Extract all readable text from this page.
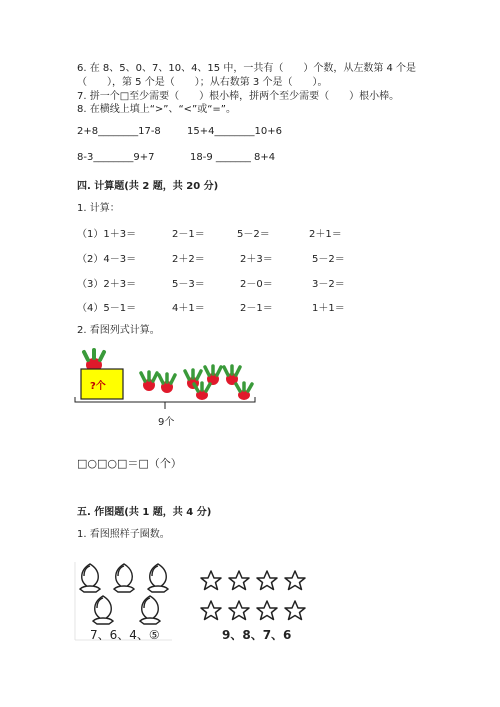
6. 在 8、5、0、7、10、4、15 中，一共有（　　）个数，从左数第 4 个是
（　　），第 5 个是（　　）；从右数第 3 个是（　　）。
7. 拼一个□至少需要（　　）根小棒，拼两个至少需要（　　）根小棒。
8. 在横线上填上“>”、“<”或“=”。
2+8________17-8	15+4________10+6
8-3________9+7	18-9 _______ 8+4
四. 计算题(共 2 题，共 20 分)
1. 计算：
（1）1＋3＝	2－1＝	5－2＝	2＋1＝
（2）4－3＝	2＋2＝	2＋3＝	5－2＝
（3）2＋3＝	5－3＝	2－0＝	3－2＝
（4）5－1＝	4＋1＝	2－1＝	1＋1＝
2. 看图列式计算。
?个
9个
□○□○□＝□（个）
五. 作图题(共 1 题，共 4 分)
1. 看图照样子圈数。
7、6、4、⑤	9、8、7、6
